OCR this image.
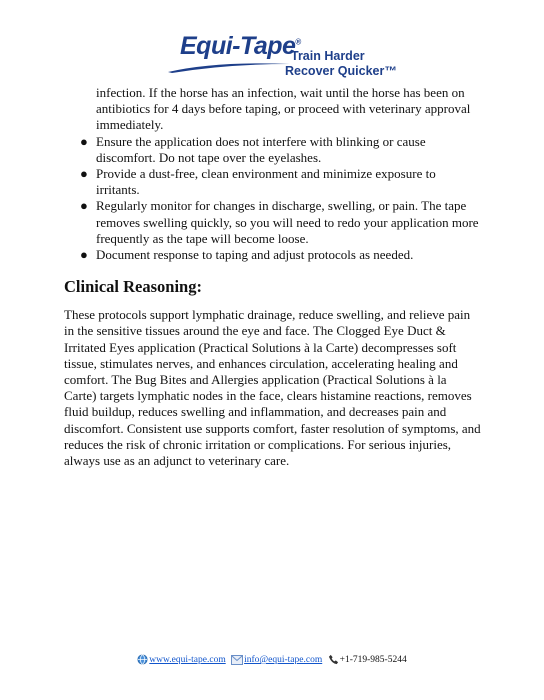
Equi-Tape®
Train Harder
Recover Quicker™

infection. If the horse has an infection, wait until the horse has been on antibiotics for 4 days before taping, or proceed with veterinary approval immediately.

● Ensure the application does not interfere with blinking or cause discomfort. Do not tape over the eyelashes.
● Provide a dust-free, clean environment and minimize exposure to irritants.
● Regularly monitor for changes in discharge, swelling, or pain. The tape removes swelling quickly, so you will need to redo your application more frequently as the tape will become loose.
● Document response to taping and adjust protocols as needed.
Clinical Reasoning:

These protocols support lymphatic drainage, reduce swelling, and relieve pain in the sensitive tissues around the eye and face. The Clogged Eye Duct & Irritated Eyes application (Practical Solutions à la Carte) decompresses soft tissue, stimulates nerves, and enhances circulation, accelerating healing and comfort. The Bug Bites and Allergies application (Practical Solutions à la Carte) targets lymphatic nodes in the face, clears histamine reactions, removes fluid buildup, reduces swelling and inflammation, and decreases pain and discomfort. Consistent use supports comfort, faster resolution of symptoms, and reduces the risk of chronic irritation or complications. For serious injuries, always use as an adjunct to veterinary care.

www.equi-tape.com info@equi-tape.com +1-719-985-5244
